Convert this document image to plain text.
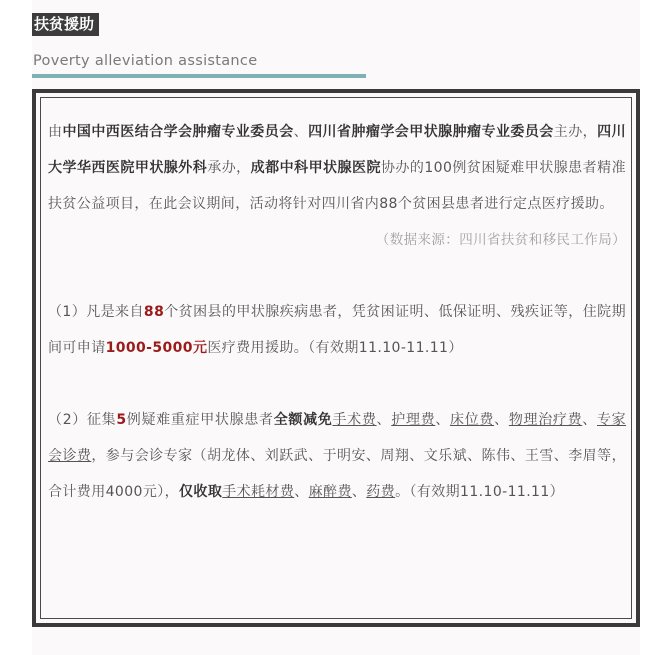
扶贫援助
Poverty alleviation assistance

由中国中西医结合学会肿瘤专业委员会、四川省肿瘤学会甲状腺肿瘤专业委员会主办，四川大学华西医院甲状腺外科承办，成都中科甲状腺医院协办的100例贫困疑难甲状腺患者精准扶贫公益项目，在此会议期间，活动将针对四川省内88个贫困县患者进行定点医疗援助。

（数据来源：四川省扶贫和移民工作局）

（1）凡是来自88个贫困县的甲状腺疾病患者，凭贫困证明、低保证明、残疾证等，住院期间可申请1000-5000元医疗费用援助。（有效期11.10-11.11）

（2）征集5例疑难重症甲状腺患者全额减免手术费、护理费、床位费、物理治疗费、专家会诊费，参与会诊专家（胡龙体、刘跃武、于明安、周翔、文乐斌、陈伟、王雪、李眉等，合计费用4000元），仅收取手术耗材费、麻醉费、药费。（有效期11.10-11.11）
